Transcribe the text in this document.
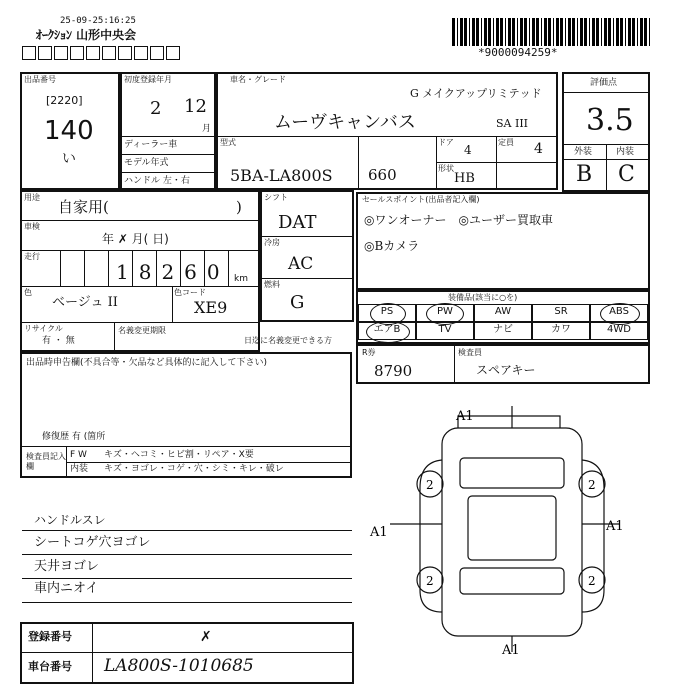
25-09-25:16:25
ｵｰｸｼｮﾝ 山形中央会
*9000094259*
出品番号
[2220]
140
い
初度登録年月
2 12
月
ディーラー車
モデル年式
ハンドル 左・右
車名・グレード
G メイクアップリミテッド
ムーヴキャンバス	SA III
型式
5BA-LA800S 660
ドア
4
定員 4
形状
HB
評価点
3.5
外装	内装
B C
用途
自家用(	)
車検
年 ✗ 月( 日)
走行
18260 km
色
ベージュ II
色コード
XE9
リサイクル
有 ・ 無
名義変更期限
日迄に名義変更できる方
シフト
DAT
冷房
AC
燃料
G
セールスポイント(出品者記入欄)
◎ワンオーナー　◎ユーザー買取車
◎Bカメラ
装備品(該当に○を)
PS	PW	AW	SR	ABS
エアB	TV	ナビ	カワ	4WD
R券
8790
検査員
スペアキー
出品時申告欄(不具合等・欠品など具体的に記入して下さい)
修復歴 有 (箇所
検査員記入欄
F W キズ・ヘコミ・ヒビ割・リペア・X要
内装 キズ・ヨゴレ・コゲ・穴・シミ・キレ・破レ
ハンドルスレ
シートコゲ穴ヨゴレ
天井ヨゴレ
車内ニオイ
登録番号	✗
車台番号 LA800S-1010685
A1
A1
A1	A1
2	2
2	2
